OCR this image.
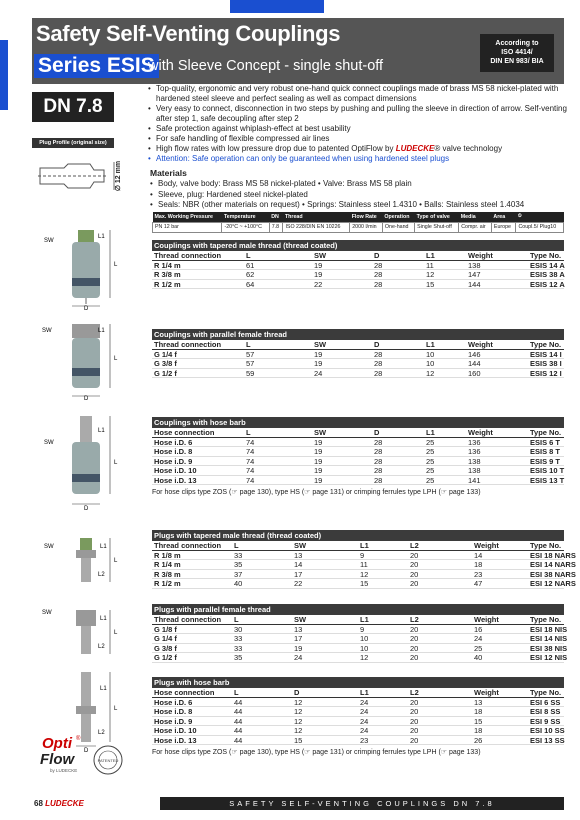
Safety Self-Venting Couplings
Series ESIS
with Sleeve Concept - single shut-off
According to
ISO 4414/
DIN EN 983/ BIA
DN 7.8
Plug Profile (original size)
∅ 12 mm
• Top-quality, ergonomic and very robust one-hand quick connect couplings made of brass MS 58 nickel-plated with hardened steel sleeve and perfect sealing as well as compact dimensions
• Very easy to connect, disconnection in two steps by pushing and pulling the sleeve in direction of arrow. Self-venting after step 1, safe decoupling after step 2
• Safe protection against whiplash-effect at best usability
• For safe handling of flexible compressed air lines
• High flow rates with low pressure drop due to patented OptiFlow by LUDECKE® valve technology
• Attention: Safe operation can only be guaranteed when using hardened steel plugs
Materials
• Body, valve body: Brass MS 58 nickel-plated • Valve: Brass MS 58 plain
• Sleeve, plug: Hardened steel nickel-plated
• Seals: NBR (other materials on request) • Springs: Stainless steel 1.4310 • Balls: Stainless steel 1.4034
Max. Working Pressure	Temperature	DN	Thread	Flow Rate	Operation	Type of valve	Media	Area	⦸
PN 12 bar	-20°C ~ +100°C	7.8	ISO 228/DIN EN 10226	2000 l/min	One-hand	Single Shut-off	Compr. air	Europe	Coupl.5/ Plug10
Couplings with tapered male thread (thread coated)
Thread connection	L	SW	D	L1	Weight	Type No.
R 1/4 m	61	19	28	11	138	ESIS 14 A
R 3/8 m	62	19	28	12	147	ESIS 38 A
R 1/2 m	64	22	28	15	144	ESIS 12 A
Couplings with parallel female thread
Thread connection	L	SW	D	L1	Weight	Type No.
G 1/4 f	57	19	28	10	146	ESIS 14 I
G 3/8 f	57	19	28	10	144	ESIS 38 I
G 1/2 f	59	24	28	12	160	ESIS 12 I
Couplings with hose barb
Hose connection	L	SW	D	L1	Weight	Type No.
Hose i.D. 6	74	19	28	25	136	ESIS 6 T
Hose i.D. 8	74	19	28	25	136	ESIS 8 T
Hose i.D. 9	74	19	28	25	138	ESIS 9 T
Hose i.D. 10	74	19	28	25	138	ESIS 10 T
Hose i.D. 13	74	19	28	25	141	ESIS 13 T
For hose clips type ZOS (☞ page 130), type HS (☞ page 131) or crimping ferrules type LPH (☞ page 133)
Plugs with tapered male thread (thread coated)
Thread connection L	SW	L1	L2	Weight	Type No.
R 1/8 m	33	13	9	20	14	ESI 18 NARS
R 1/4 m	35	14	11	20	18	ESI 14 NARS
R 3/8 m	37	17	12	20	23	ESI 38 NARS
R 1/2 m	40	22	15	20	47	ESI 12 NARS
Plugs with parallel female thread
Thread connection L	SW	L1	L2	Weight	Type No.
G 1/8 f	30	13	9	20	16	ESI 18 NIS
G 1/4 f	33	17	10	20	24	ESI 14 NIS
G 3/8 f	33	19	10	20	25	ESI 38 NIS
G 1/2 f	35	24	12	20	40	ESI 12 NIS
Plugs with hose barb
Hose connection	L	D	L1	L2	Weight	Type No.
Hose i.D. 6	44	12	24	20	13	ESI 6 SS
Hose i.D. 8	44	12	24	20	18	ESI 8 SS
Hose i.D. 9	44	12	24	20	15	ESI 9 SS
Hose i.D. 10	44	12	24	20	18	ESI 10 SS
Hose i.D. 13	44	15	23	20	26	ESI 13 SS
For hose clips type ZOS (☞ page 130), type HS (☞ page 131) or crimping ferrules type LPH (☞ page 133)
SW
L1
L
D
SW	L1
L
D
SW
L1
L
D
SW	L1
L
L2
SW
L1
L
L2
L1
L
L2
D
Opti ®
Flow
by LUDECKE
PATENTED
68 LUDECKE	SAFETY SELF-VENTING COUPLINGS DN 7.8
